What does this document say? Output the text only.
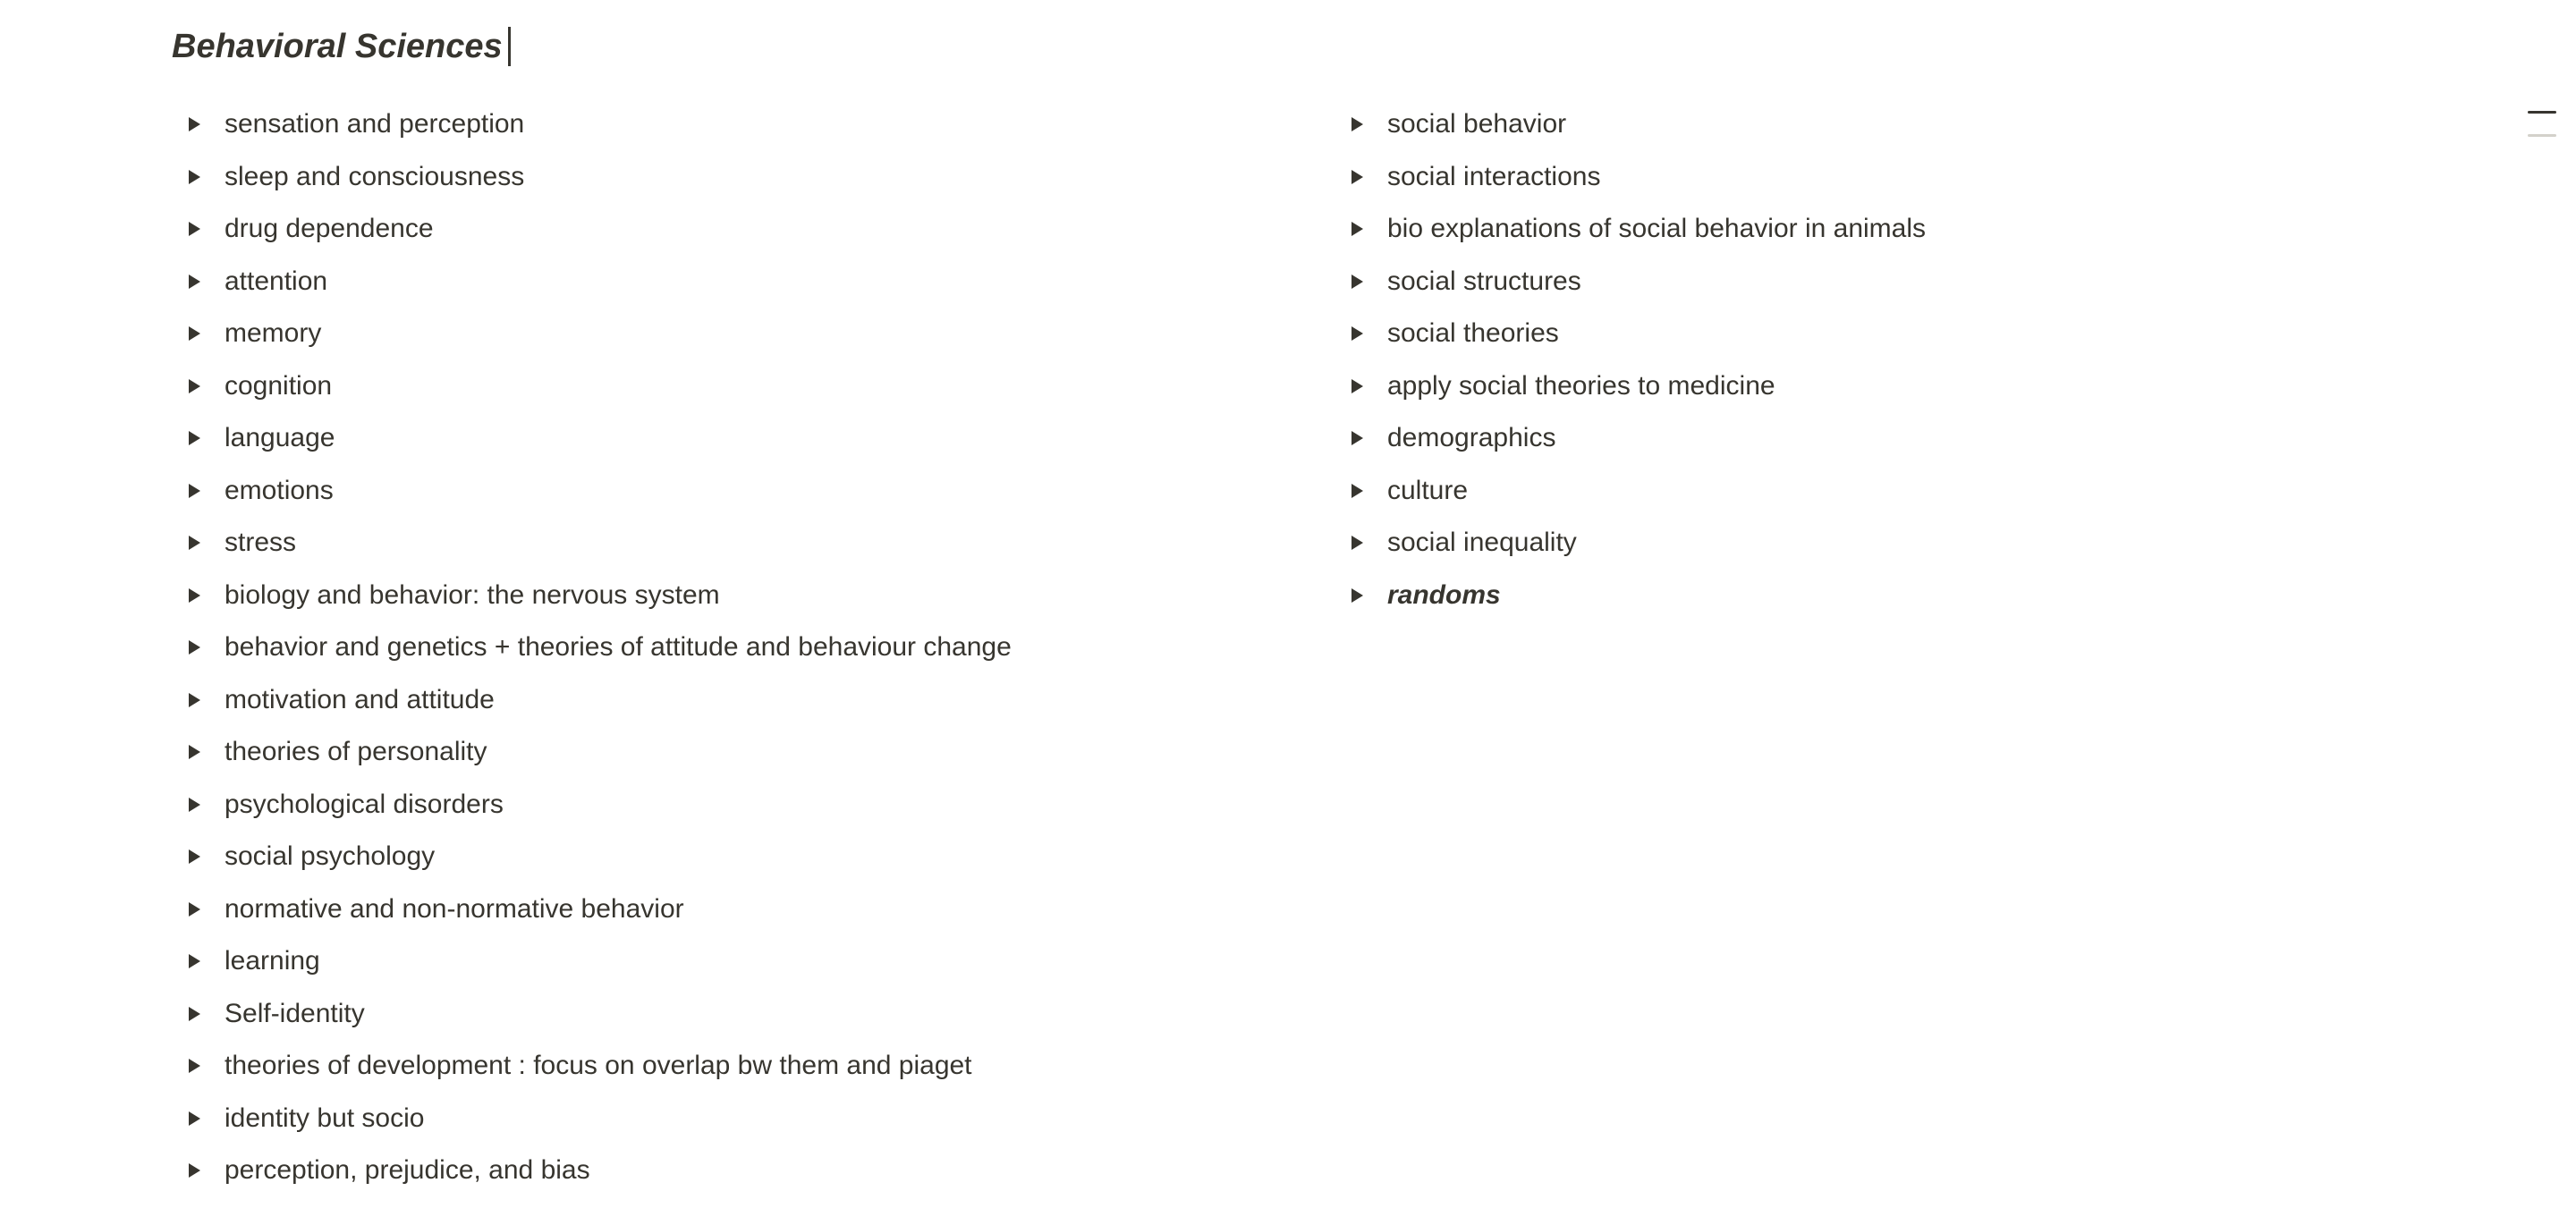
Behavioral Sciences
sensation and perception
sleep and consciousness
drug dependence
attention
memory
cognition
language
emotions
stress
biology and behavior: the nervous system
behavior and genetics + theories of attitude and behaviour change
motivation and attitude
theories of personality
psychological disorders
social psychology
normative and non-normative behavior
learning
Self-identity
theories of development : focus on overlap bw them and piaget
identity but socio
perception, prejudice, and bias
social behavior
social interactions
bio explanations of social behavior in animals
social structures
social theories
apply social theories to medicine
demographics
culture
social inequality
randoms
